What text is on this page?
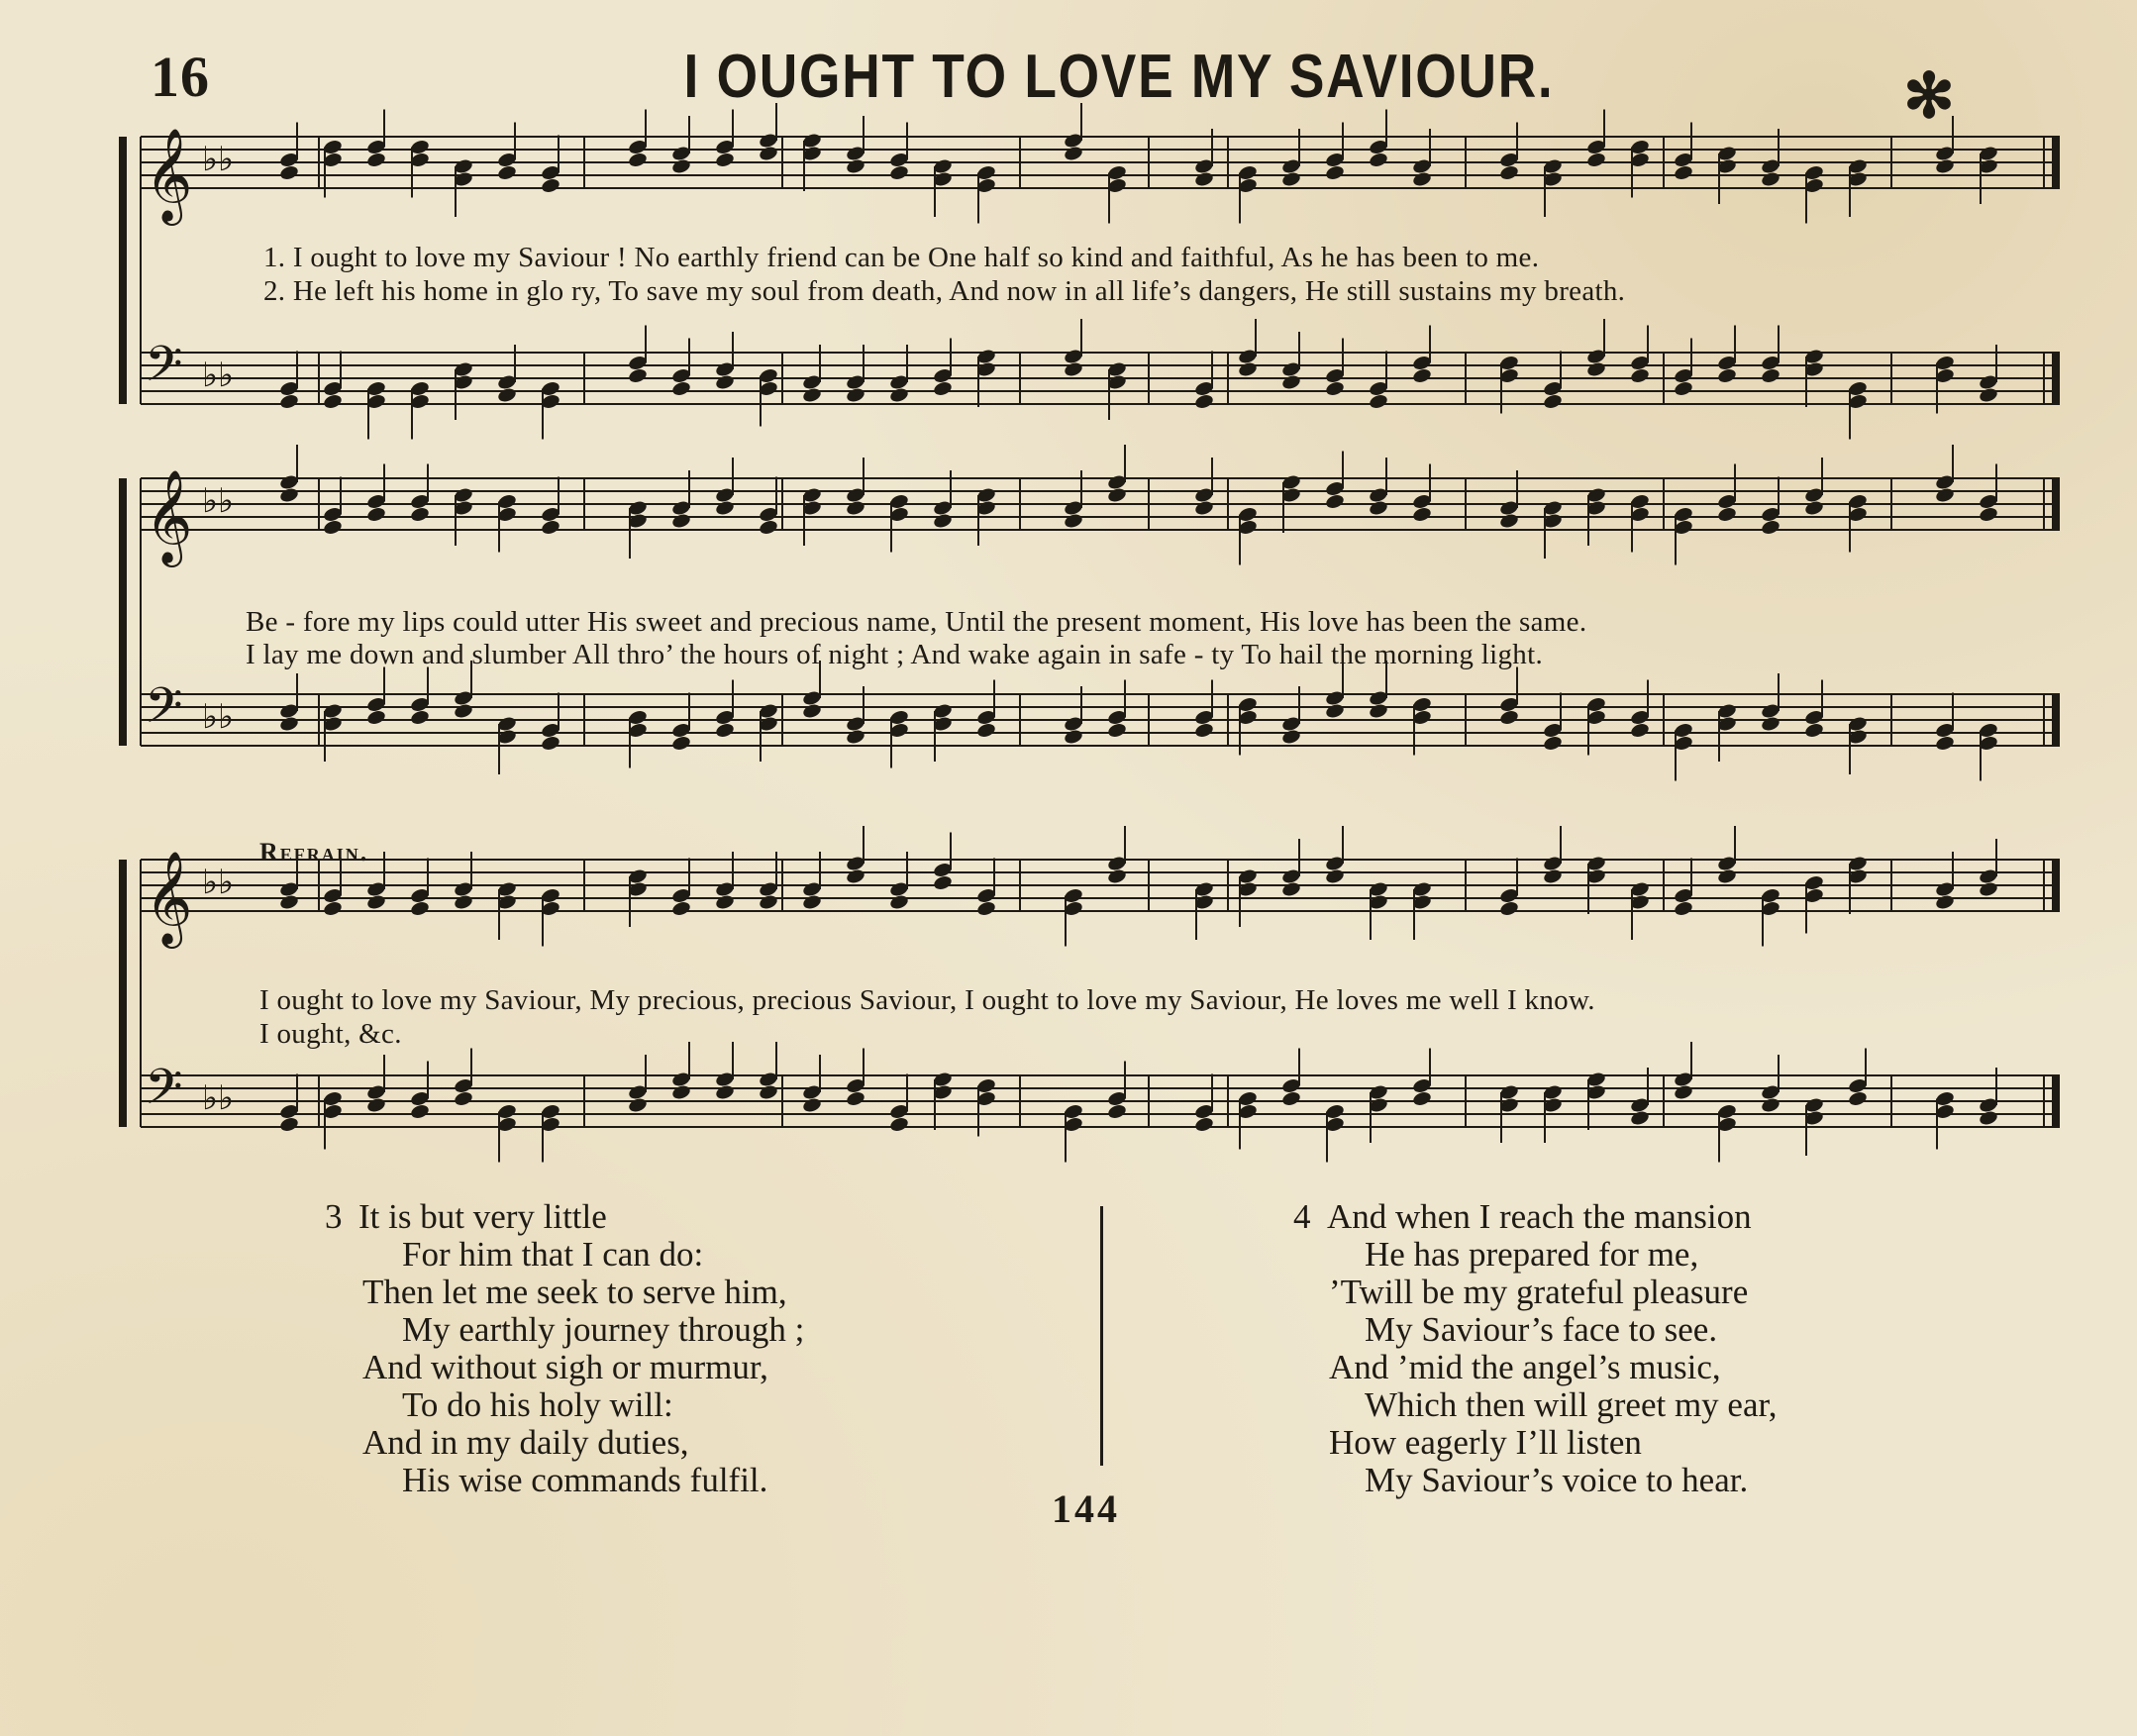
16	I OUGHT TO LOVE MY SAVIOUR.	✻
𝄞 ♭♭
𝄢 ♭♭
1. I ought to love my Saviour ! No earthly friend can be One half so kind and faithful, As he has been to me.
2. He left his home in glo ry, To save my soul from death, And now in all life’s dangers, He still sustains my breath.
𝄞 ♭♭
𝄢 ♭♭
Be - fore my lips could utter His sweet and precious name, Until the present moment, His love has been the same.
I lay me down and slumber All thro’ the hours of night ; And wake again in safe - ty To hail the morning light.
Refrain.
𝄞 ♭♭
𝄢 ♭♭
I ought to love my Saviour, My precious, precious Saviour, I ought to love my Saviour, He loves me well I know.
I ought, &c.
3 It is but very little
For him that I can do:
Then let me seek to serve him,
My earthly journey through ;
And without sigh or murmur,
To do his holy will:
And in my daily duties,
His wise commands fulfil.
4 And when I reach the mansion
He has prepared for me,
’Twill be my grateful pleasure
My Saviour’s face to see.
And ’mid the angel’s music,
Which then will greet my ear,
How eagerly I’ll listen
My Saviour’s voice to hear.
144
